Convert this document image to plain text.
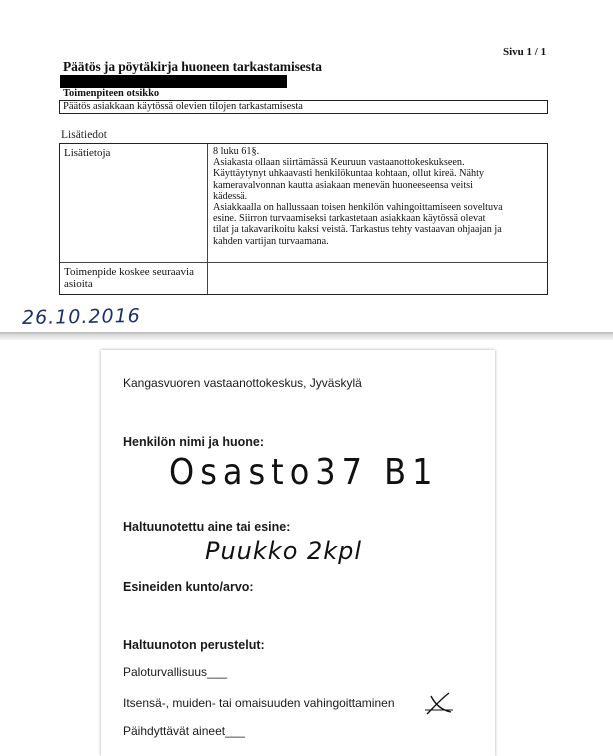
Sivu 1 / 1
Päätös ja pöytäkirja huoneen tarkastamisesta
Toimenpiteen otsikko
Päätös asiakkaan käytössä olevien tilojen tarkastamisesta
Lisätiedot
Lisätietoja	8 luku 61§.
Asiakasta ollaan siirtämässä Keuruun vastaanottokeskukseen.
Käyttäytynyt uhkaavasti henkilökuntaa kohtaan, ollut kireä. Nähty
kameravalvonnan kautta asiakaan menevän huoneeseensa veitsi
kädessä.
Asiakkaalla on hallussaan toisen henkilön vahingoittamiseen soveltuva
esine. Siirron turvaamiseksi tarkastetaan asiakkaan käytössä olevat
tilat ja takavarikoitu kaksi veistä. Tarkastus tehty vastaavan ohjaajan ja
kahden vartijan turvaamana.
Toimenpide koskee seuraavia asioita
26.10.2016
Kangasvuoren vastaanottokeskus, Jyväskylä
Henkilön nimi ja huone:
Osasto37 B1
Haltuunotettu aine tai esine:
Puukko 2kpl
Esineiden kunto/arvo:
Haltuunoton perustelut:
Paloturvallisuus___
Itsensä-, muiden- tai omaisuuden vahingoittaminen
Päihdyttävät aineet___
